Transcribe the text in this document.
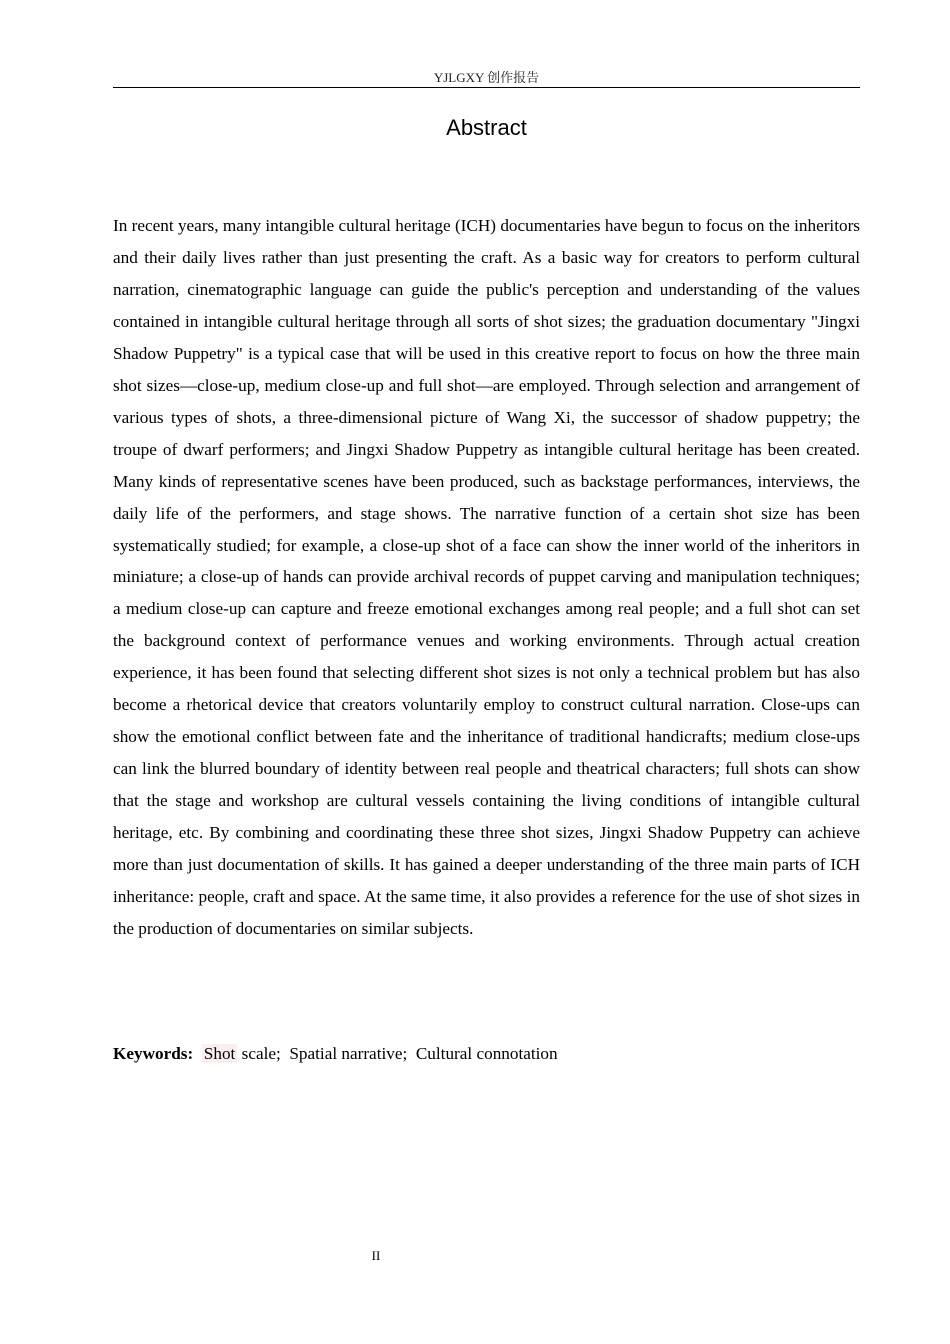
YJLGXY 创作报告
Abstract

In recent years, many intangible cultural heritage (ICH) documentaries have begun to focus on the inheritors and their daily lives rather than just presenting the craft. As a basic way for creators to perform cultural narration, cinematographic language can guide the public's perception and understanding of the values contained in intangible cultural heritage through all sorts of shot sizes; the graduation documentary "Jingxi Shadow Puppetry" is a typical case that will be used in this creative report to focus on how the three main shot sizes—close-up, medium close-up and full shot—are employed. Through selection and arrangement of various types of shots, a three-dimensional picture of Wang Xi, the successor of shadow puppetry; the troupe of dwarf performers; and Jingxi Shadow Puppetry as intangible cultural heritage has been created. Many kinds of representative scenes have been produced, such as backstage performances, interviews, the daily life of the performers, and stage shows. The narrative function of a certain shot size has been systematically studied; for example, a close-up shot of a face can show the inner world of the inheritors in miniature; a close-up of hands can provide archival records of puppet carving and manipulation techniques; a medium close-up can capture and freeze emotional exchanges among real people; and a full shot can set the background context of performance venues and working environments. Through actual creation experience, it has been found that selecting different shot sizes is not only a technical problem but has also become a rhetorical device that creators voluntarily employ to construct cultural narration. Close-ups can show the emotional conflict between fate and the inheritance of traditional handicrafts; medium close-ups can link the blurred boundary of identity between real people and theatrical characters; full shots can show that the stage and workshop are cultural vessels containing the living conditions of intangible cultural heritage, etc. By combining and coordinating these three shot sizes, Jingxi Shadow Puppetry can achieve more than just documentation of skills. It has gained a deeper understanding of the three main parts of ICH inheritance: people, craft and space. At the same time, it also provides a reference for the use of shot sizes in the production of documentaries on similar subjects.

Keywords: Shot scale; Spatial narrative; Cultural connotation
II
